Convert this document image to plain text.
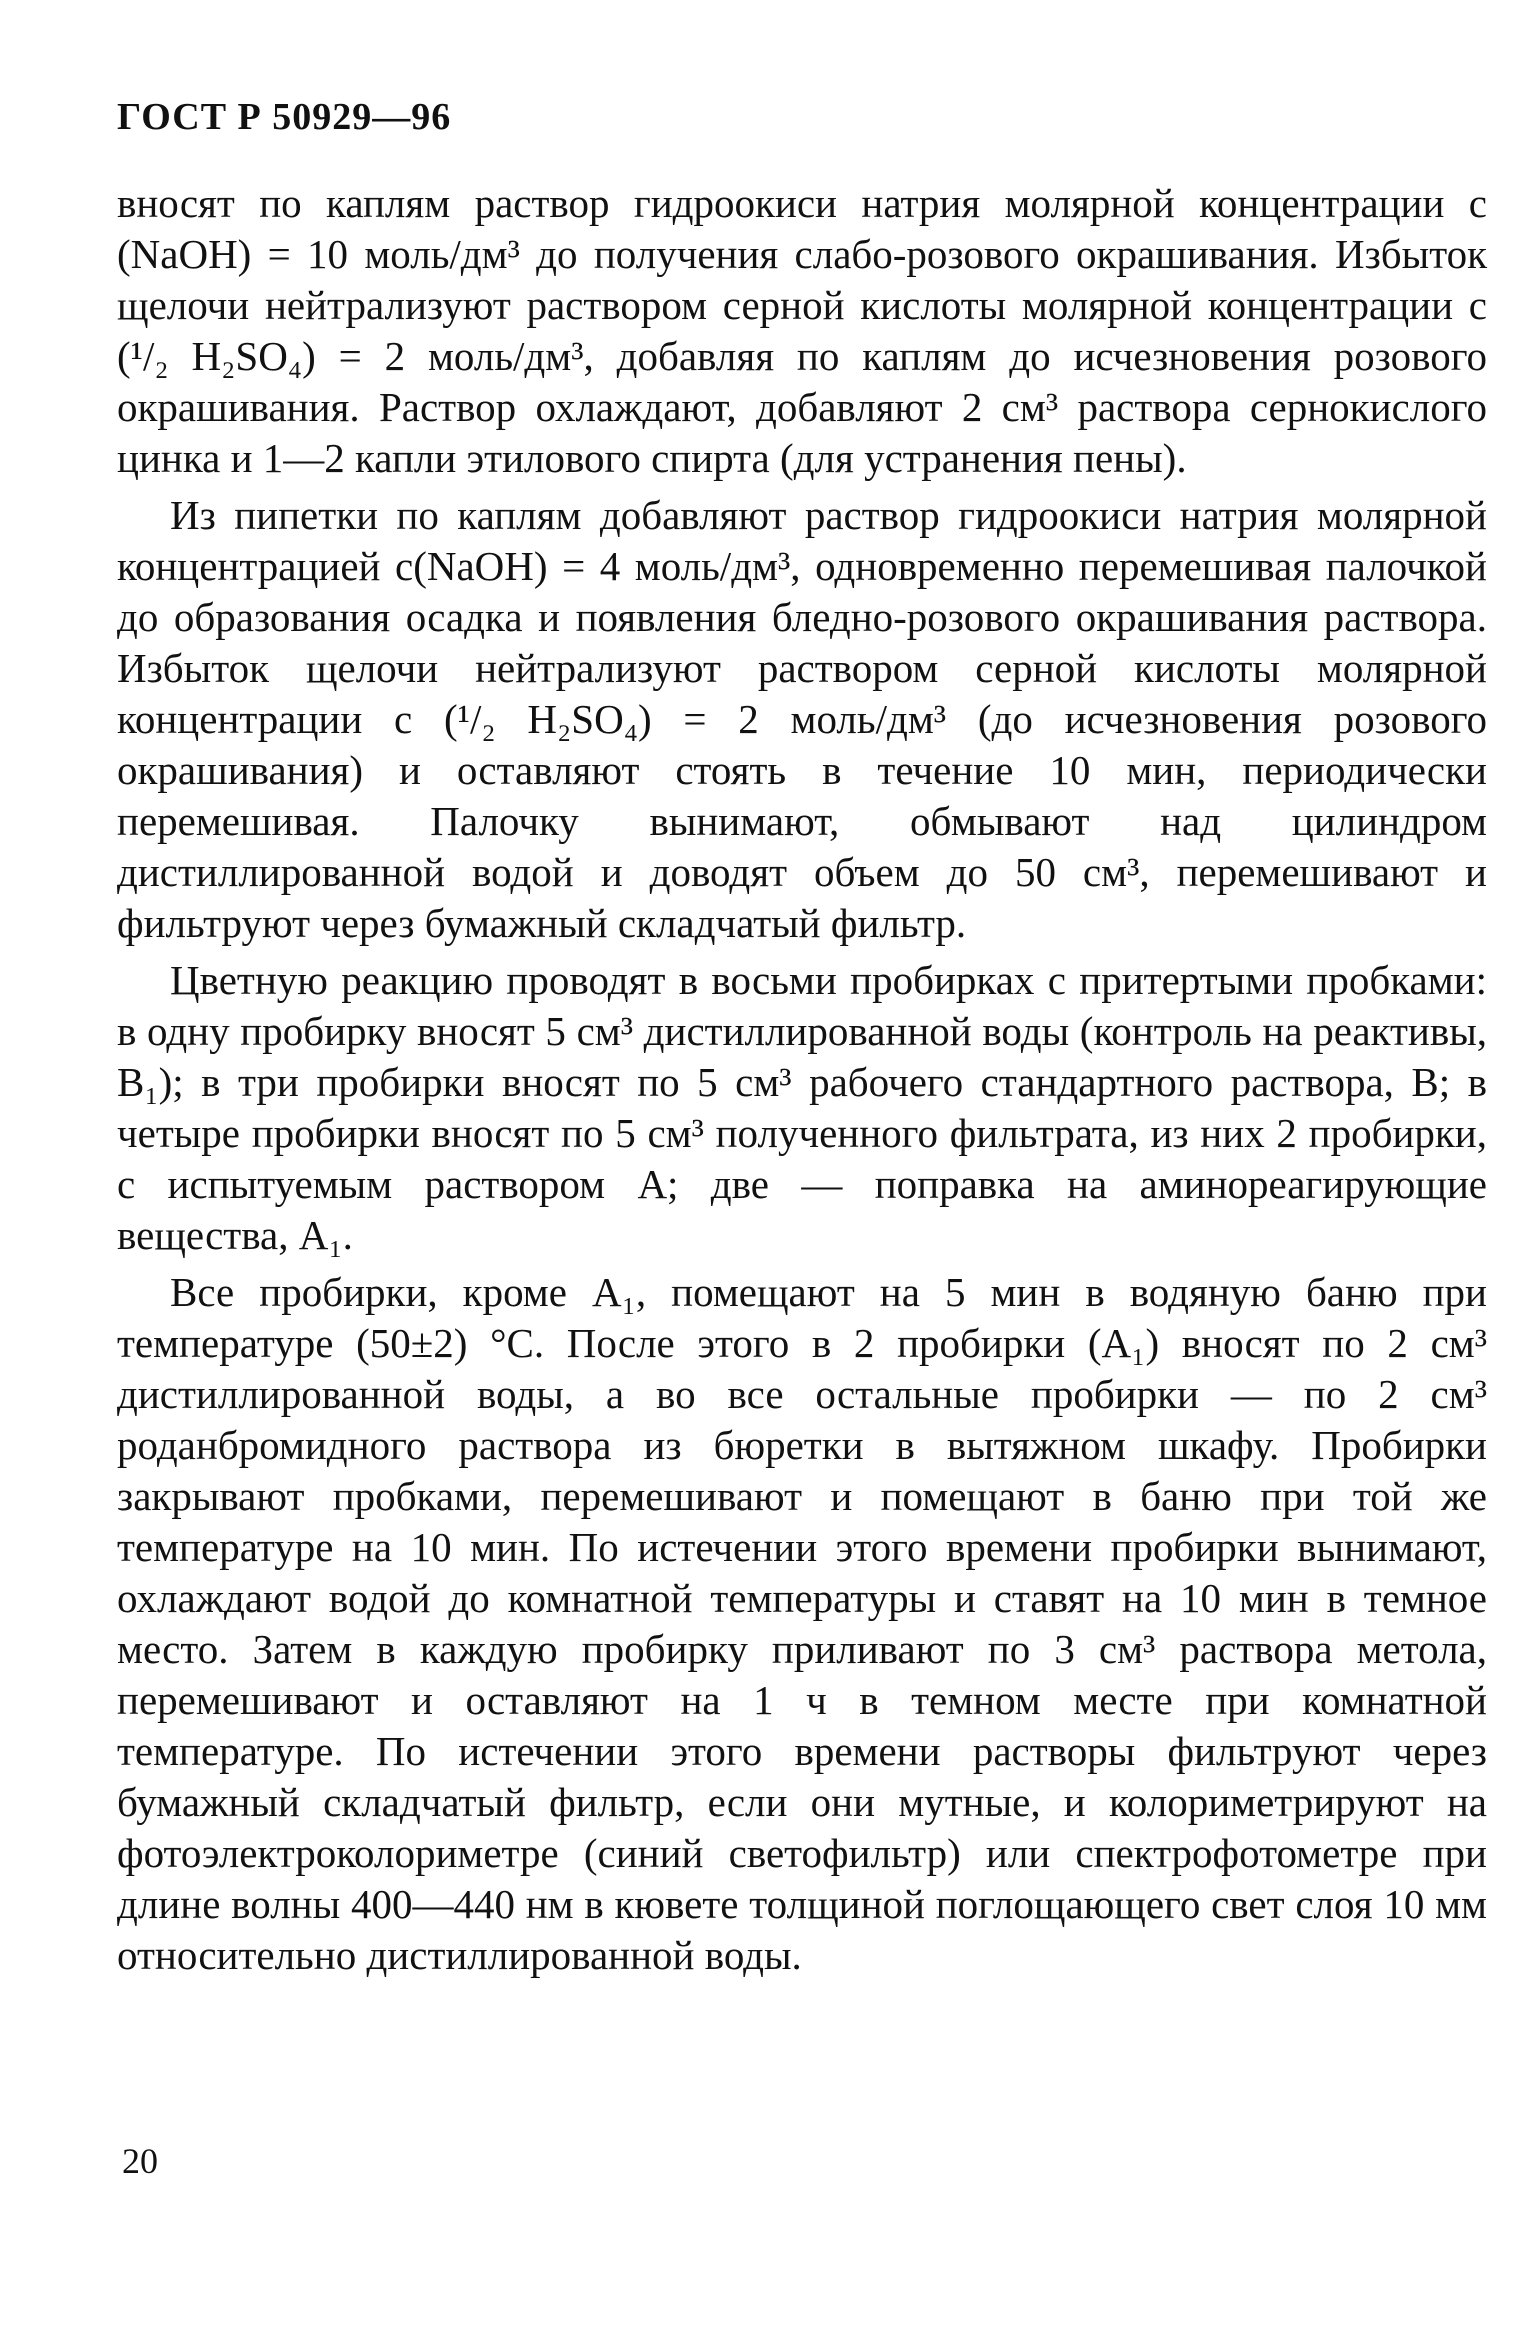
ГОСТ Р 50929—96

вносят по каплям раствор гидроокиси натрия молярной концентрации c (NaOH) = 10 моль/дм³ до получения слабо-розового окрашивания. Избыток щелочи нейтрализуют раствором серной кислоты молярной концентрации c (¹/₂ H₂SO₄) = 2 моль/дм³, добавляя по каплям до исчезновения розового окрашивания. Раствор охлаждают, добавляют 2 см³ раствора сернокислого цинка и 1—2 капли этилового спирта (для устранения пены).

Из пипетки по каплям добавляют раствор гидроокиси натрия молярной концентрацией c(NaOH) = 4 моль/дм³, одновременно перемешивая палочкой до образования осадка и появления бледно-розового окрашивания раствора. Избыток щелочи нейтрализуют раствором серной кислоты молярной концентрации c (¹/₂ H₂SO₄) = 2 моль/дм³ (до исчезновения розового окрашивания) и оставляют стоять в течение 10 мин, периодически перемешивая. Палочку вынимают, обмывают над цилиндром дистиллированной водой и доводят объем до 50 см³, перемешивают и фильтруют через бумажный складчатый фильтр.

Цветную реакцию проводят в восьми пробирках с притертыми пробками: в одну пробирку вносят 5 см³ дистиллированной воды (контроль на реактивы, B₁); в три пробирки вносят по 5 см³ рабочего стандартного раствора, B; в четыре пробирки вносят по 5 см³ полученного фильтрата, из них 2 пробирки, с испытуемым раствором A; две — поправка на аминореагирующие вещества, A₁.

Все пробирки, кроме A₁, помещают на 5 мин в водяную баню при температуре (50±2) °C. После этого в 2 пробирки (A₁) вносят по 2 см³ дистиллированной воды, а во все остальные пробирки — по 2 см³ роданбромидного раствора из бюретки в вытяжном шкафу. Пробирки закрывают пробками, перемешивают и помещают в баню при той же температуре на 10 мин. По истечении этого времени пробирки вынимают, охлаждают водой до комнатной температуры и ставят на 10 мин в темное место. Затем в каждую пробирку приливают по 3 см³ раствора метола, перемешивают и оставляют на 1 ч в темном месте при комнатной температуре. По истечении этого времени растворы фильтруют через бумажный складчатый фильтр, если они мутные, и колориметрируют на фотоэлектроколориметре (синий светофильтр) или спектрофотометре при длине волны 400—440 нм в кювете толщиной поглощающего свет слоя 10 мм относительно дистиллированной воды.

20
